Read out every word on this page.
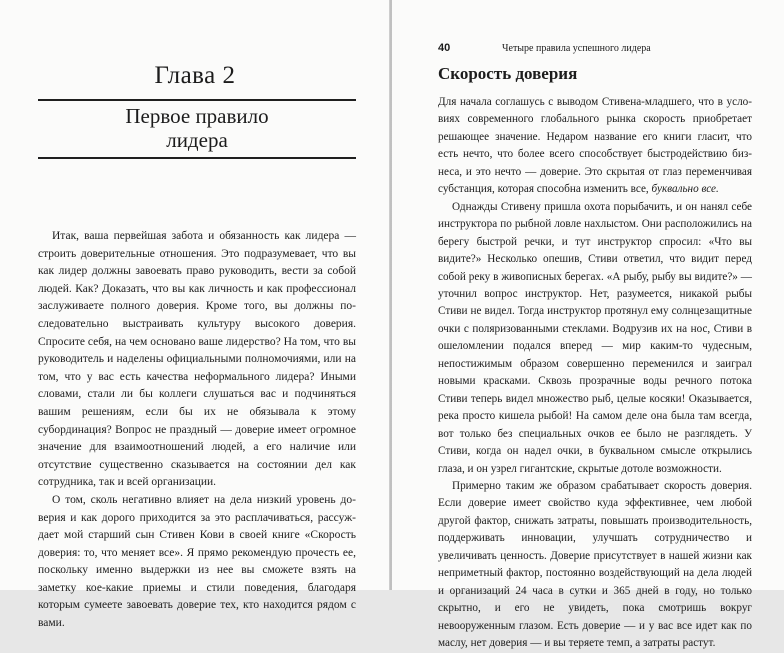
Глава 2
Первое правило
лидера

Итак, ваша первейшая забота и обязанность как лидера — строить доверительные отношения. Это подразумевает, что вы как лидер должны завоевать право руководить, вести за собой людей. Как? Доказать, что вы как личность и как профессионал заслуживаете полного доверия. Кроме того, вы должны последовательно выстраивать культуру высокого доверия. Спросите себя, на чем основано ваше лидерство? На том, что вы руководитель и наделены официальными полномочиями, или на том, что у вас есть качества неформального лидера? Иными словами, стали ли бы коллеги слушаться вас и подчиняться вашим решениям, если бы их не обязывала к этому субординация? Вопрос не праздный — доверие имеет огромное значение для взаимоотношений людей, а его наличие или отсутствие существенно сказывается на состоянии дел как сотрудника, так и всей организации.

О том, сколь негативно влияет на дела низкий уровень доверия и как дорого приходится за это расплачиваться, рассуждает мой старший сын Стивен Кови в своей книге «Скорость доверия: то, что меняет все». Я прямо рекомендую прочесть ее, поскольку именно выдержки из нее вы сможете взять на заметку кое-какие приемы и стили поведения, благодаря которым сумеете завоевать доверие тех, кто находится рядом с вами.

40	Четыре правила успешного лидера
Скорость доверия

Для начала соглашусь с выводом Стивена-младшего, что в условиях современного глобального рынка скорость приобретает решающее значение. Недаром название его книги гласит, что есть нечто, что более всего способствует быстродействию бизнеса, и это нечто — доверие. Это скрытая от глаз переменчивая субстанция, которая способна изменить все, буквально все.

Однажды Стивену пришла охота порыбачить, и он нанял себе инструктора по рыбной ловле нахлыстом. Они расположились на берегу быстрой речки, и тут инструктор спросил: «Что вы видите?» Несколько опешив, Стиви ответил, что видит перед собой реку в живописных берегах. «А рыбу, рыбу вы видите?» — уточнил вопрос инструктор. Нет, разумеется, никакой рыбы Стиви не видел. Тогда инструктор протянул ему солнцезащитные очки с поляризованными стеклами. Водрузив их на нос, Стиви в ошеломлении подался вперед — мир каким-то чудесным, непостижимым образом совершенно переменился и заиграл новыми красками. Сквозь прозрачные воды речного потока Стиви теперь видел множество рыб, целые косяки! Оказывается, река просто кишела рыбой! На самом деле она была там всегда, вот только без специальных очков ее было не разглядеть. У Стиви, когда он надел очки, в буквальном смысле открылись глаза, и он узрел гигантские, скрытые дотоле возможности.

Примерно таким же образом срабатывает скорость доверия. Если доверие имеет свойство куда эффективнее, чем любой другой фактор, снижать затраты, повышать производительность, поддерживать инновации, улучшать сотрудничество и увеличивать ценность. Доверие присутствует в нашей жизни как неприметный фактор, постоянно воздействующий на дела людей и организаций 24 часа в сутки и 365 дней в году, но только скрытно, и его не увидеть, пока смотришь вокруг невооруженным глазом. Есть доверие — и у вас все идет как по маслу, нет доверия — и вы теряете темп, а затраты растут.
